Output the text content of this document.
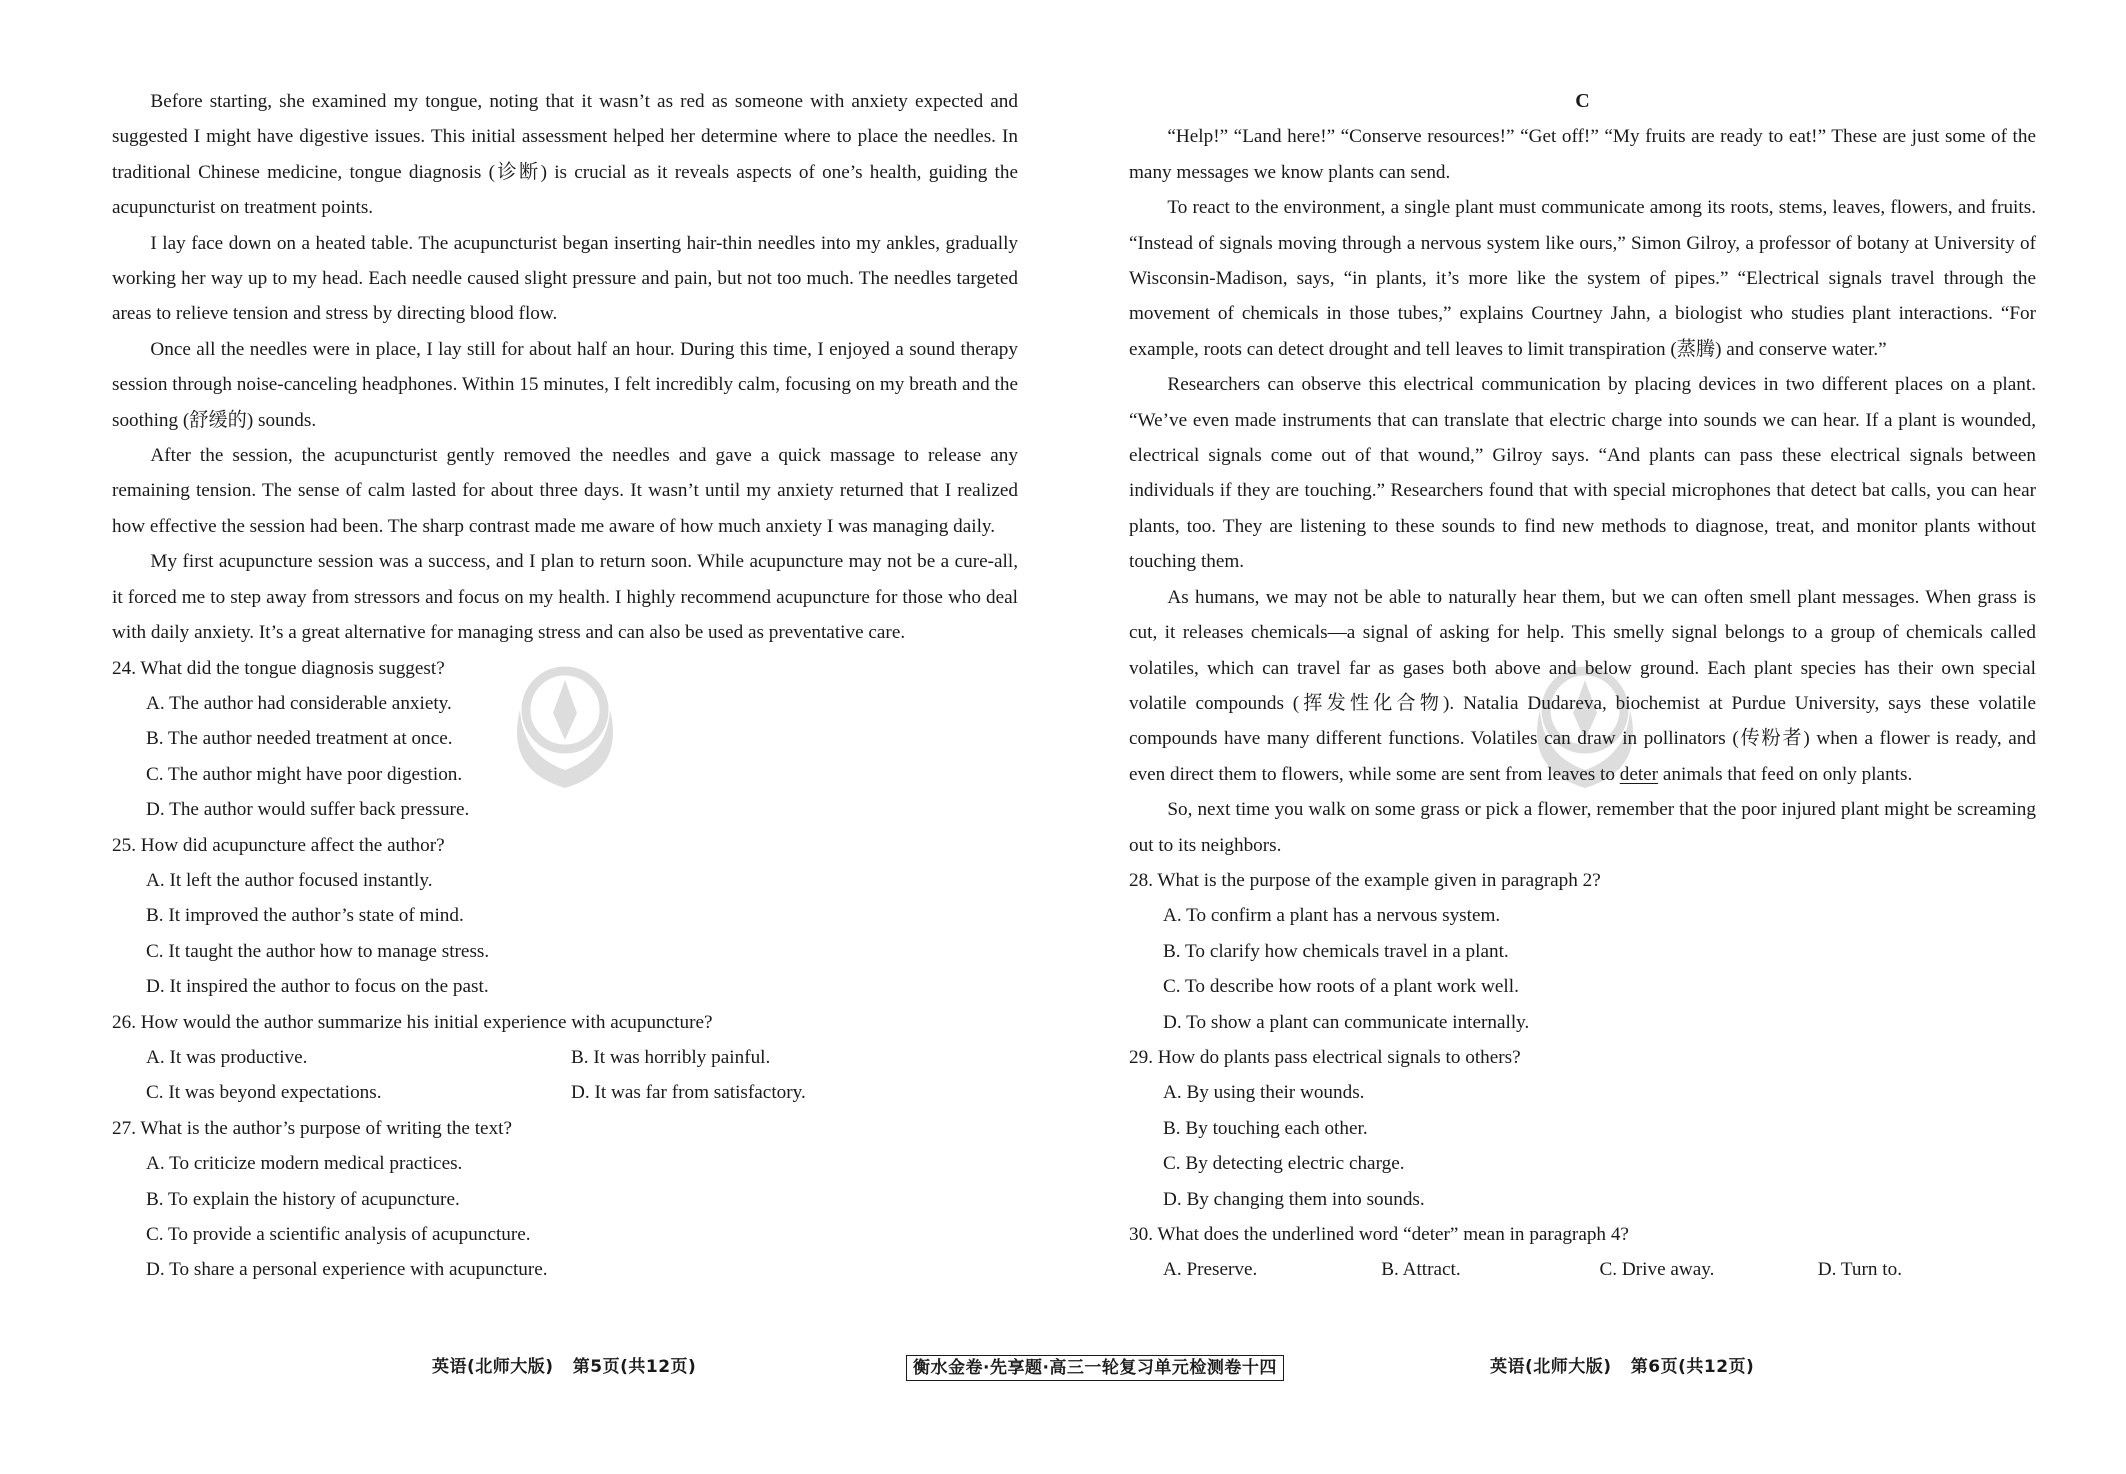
Before starting, she examined my tongue, noting that it wasn’t as red as someone with anxiety expected and suggested I might have digestive issues. This initial assessment helped her determine where to place the needles. In traditional Chinese medicine, tongue diagnosis (诊断) is crucial as it reveals aspects of one’s health, guiding the acupuncturist on treatment points.

I lay face down on a heated table. The acupuncturist began inserting hair-thin needles into my ankles, gradually working her way up to my head. Each needle caused slight pressure and pain, but not too much. The needles targeted areas to relieve tension and stress by directing blood flow.

Once all the needles were in place, I lay still for about half an hour. During this time, I enjoyed a sound therapy session through noise-canceling headphones. Within 15 minutes, I felt incredibly calm, focusing on my breath and the soothing (舒缓的) sounds.

After the session, the acupuncturist gently removed the needles and gave a quick massage to release any remaining tension. The sense of calm lasted for about three days. It wasn’t until my anxiety returned that I realized how effective the session had been. The sharp contrast made me aware of how much anxiety I was managing daily.

My first acupuncture session was a success, and I plan to return soon. While acupuncture may not be a cure-all, it forced me to step away from stressors and focus on my health. I highly recommend acupuncture for those who deal with daily anxiety. It’s a great alternative for managing stress and can also be used as preventative care.

24. What did the tongue diagnosis suggest?

A. The author had considerable anxiety.

B. The author needed treatment at once.

C. The author might have poor digestion.

D. The author would suffer back pressure.

25. How did acupuncture affect the author?

A. It left the author focused instantly.

B. It improved the author’s state of mind.

C. It taught the author how to manage stress.

D. It inspired the author to focus on the past.

26. How would the author summarize his initial experience with acupuncture?

A. It was productive.	B. It was horribly painful.
C. It was beyond expectations.	D. It was far from satisfactory.

27. What is the author’s purpose of writing the text?

A. To criticize modern medical practices.

B. To explain the history of acupuncture.

C. To provide a scientific analysis of acupuncture.

D. To share a personal experience with acupuncture.

C

“Help!” “Land here!” “Conserve resources!” “Get off!” “My fruits are ready to eat!” These are just some of the many messages we know plants can send.

To react to the environment, a single plant must communicate among its roots, stems, leaves, flowers, and fruits. “Instead of signals moving through a nervous system like ours,” Simon Gilroy, a professor of botany at University of Wisconsin-Madison, says, “in plants, it’s more like the system of pipes.” “Electrical signals travel through the movement of chemicals in those tubes,” explains Courtney Jahn, a biologist who studies plant interactions. “For example, roots can detect drought and tell leaves to limit transpiration (蒸腾) and conserve water.”

Researchers can observe this electrical communication by placing devices in two different places on a plant. “We’ve even made instruments that can translate that electric charge into sounds we can hear. If a plant is wounded, electrical signals come out of that wound,” Gilroy says. “And plants can pass these electrical signals between individuals if they are touching.” Researchers found that with special microphones that detect bat calls, you can hear plants, too. They are listening to these sounds to find new methods to diagnose, treat, and monitor plants without touching them.

As humans, we may not be able to naturally hear them, but we can often smell plant messages. When grass is cut, it releases chemicals—a signal of asking for help. This smelly signal belongs to a group of chemicals called volatiles, which can travel far as gases both above and below ground. Each plant species has their own special volatile compounds (挥发性化合物). Natalia Dudareva, biochemist at Purdue University, says these volatile compounds have many different functions. Volatiles can draw in pollinators (传粉者) when a flower is ready, and even direct them to flowers, while some are sent from leaves to deter animals that feed on only plants.

So, next time you walk on some grass or pick a flower, remember that the poor injured plant might be screaming out to its neighbors.

28. What is the purpose of the example given in paragraph 2?

A. To confirm a plant has a nervous system.

B. To clarify how chemicals travel in a plant.

C. To describe how roots of a plant work well.

D. To show a plant can communicate internally.

29. How do plants pass electrical signals to others?

A. By using their wounds.

B. By touching each other.

C. By detecting electric charge.

D. By changing them into sounds.

30. What does the underlined word “deter” mean in paragraph 4?

A. Preserve.	B. Attract.	C. Drive away.	D. Turn to.
英语(北师大版)   第5页(共12页)	衡水金卷·先享题·高三一轮复习单元检测卷十四	英语(北师大版)   第6页(共12页)
